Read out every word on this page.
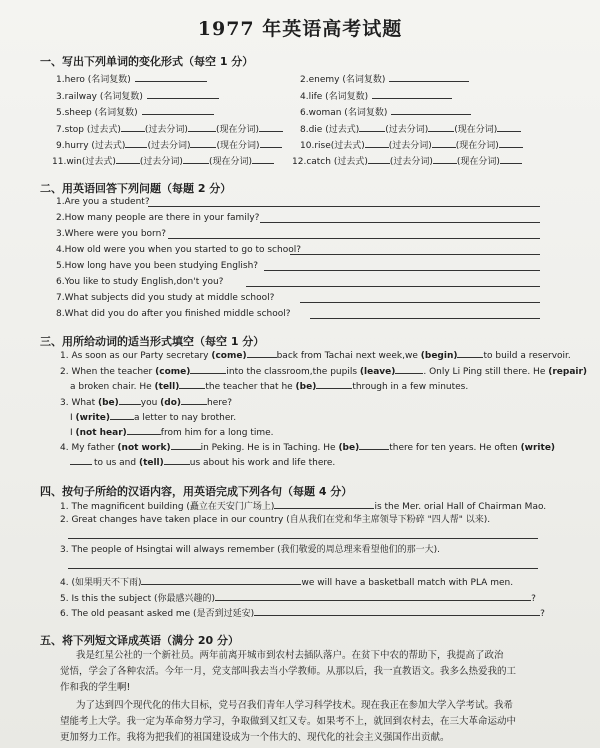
1977 年英语高考试题
一、写出下列单词的变化形式（每空 1 分）
1.hero (名词复数)	2.enemy (名词复数)
3.railway (名词复数)	4.life (名词复数)
5.sheep (名词复数)	6.woman (名词复数)
7.stop (过去式)	(过去分词)	(现在分词)	8.die (过去式)	(过去分词)	(现在分词)
9.hurry (过去式) (过去分词)	(现在分词)	10.rise(过去式)	(过去分词)	(现在分词)
11.win(过去式)	(过去分词)	(现在分词)	12.catch (过去式) (过去分词)	(现在分词)
二、用英语回答下列问题（每题 2 分）
1.Are you a student?
2.How many people are there in your family?
3.Where were you born?
4.How old were you when you started to go to school?
5.How long have you been studying English?
6.You like to study English,don't you?
7.What subjects did you study at middle school?
8.What did you do after you finished middle school?
三、用所给动词的适当形式填空（每空 1 分）
1. As soon as our Party secretary (come)	back from Tachai next week,we (begin)	to build a reservoir.
2. When the teacher (come)	into the classroom,the pupils (leave)	. Only Li Ping still there. He (repair)
a broken chair. He (tell)	the teacher that he (be)	through in a few minutes.
3. What (be) you (do)	here?
I (write)	a letter to nay brother.
I (not hear)	from him for a long time.
4. My father (not work)	in Peking. He is in Taching. He (be)	there for ten years. He often (write)
to us and (tell)	us about his work and life there.
四、按句子所给的汉语内容，用英语完成下列各句（每题 4 分）
1. The magnificent building (矗立在天安门广场上)	is the Mer. orial Hall of Chairman Mao.
2. Great changes have taken place in our country (自从我们在党和华主席领导下粉碎 "四人帮" 以来).
3. The people of Hsingtai will always remember (我们敬爱的周总理来看望他们的那一大).
4. (如果明天不下雨)	we will have a basketball match with PLA men.
5. Is this the subject (你最感兴趣的)	?
6. The old peasant asked me (是否到过延安)	?
五、将下列短文译成英语（满分 20 分）
我是红星公社的一个新社员。两年前离开城市到农村去插队落户。在贫下中农的帮助下，我提高了政治
觉悟，学会了各种农活。今年一月，党支部叫我去当小学教师。从那以后，我一直教语文。我多么热爱我的工
作和我的学生啊!
为了达到四个现代化的伟大目标，党号召我们青年人学习科学技术。现在我正在参加大学入学考试。我希
望能考上大学。我一定为革命努力学习，争取做到又红又专。如果考不上，就回到农村去，在三大革命运动中
更加努力工作。我将为把我们的祖国建设成为一个伟大的、现代化的社会主义强国作出贡献。
